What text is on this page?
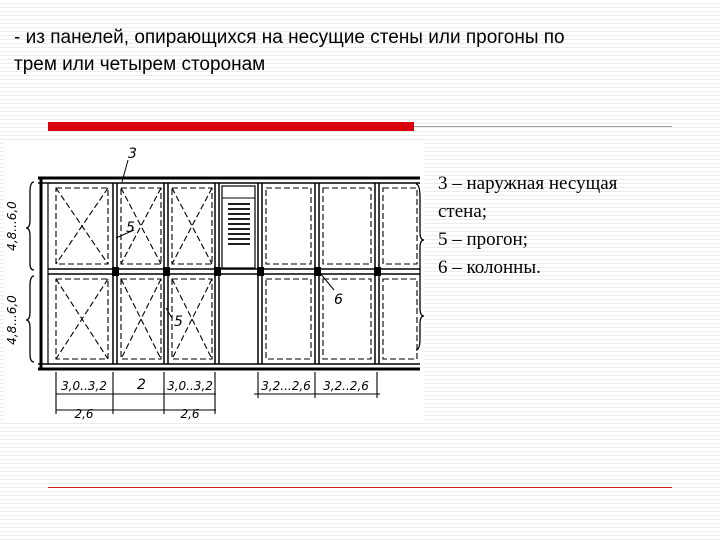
- из панелей, опирающихся на несущие стены или прогоны по
трем или четырем сторонам
4,8...6,0
4,8...6,0
3
5
5
6
2
3,0..3,2	3,0..3,2	3,2...2,6 3,2..2,6
2,6	2,6
3 – наружная несущая
стена;
5 – прогон;
6 – колонны.
